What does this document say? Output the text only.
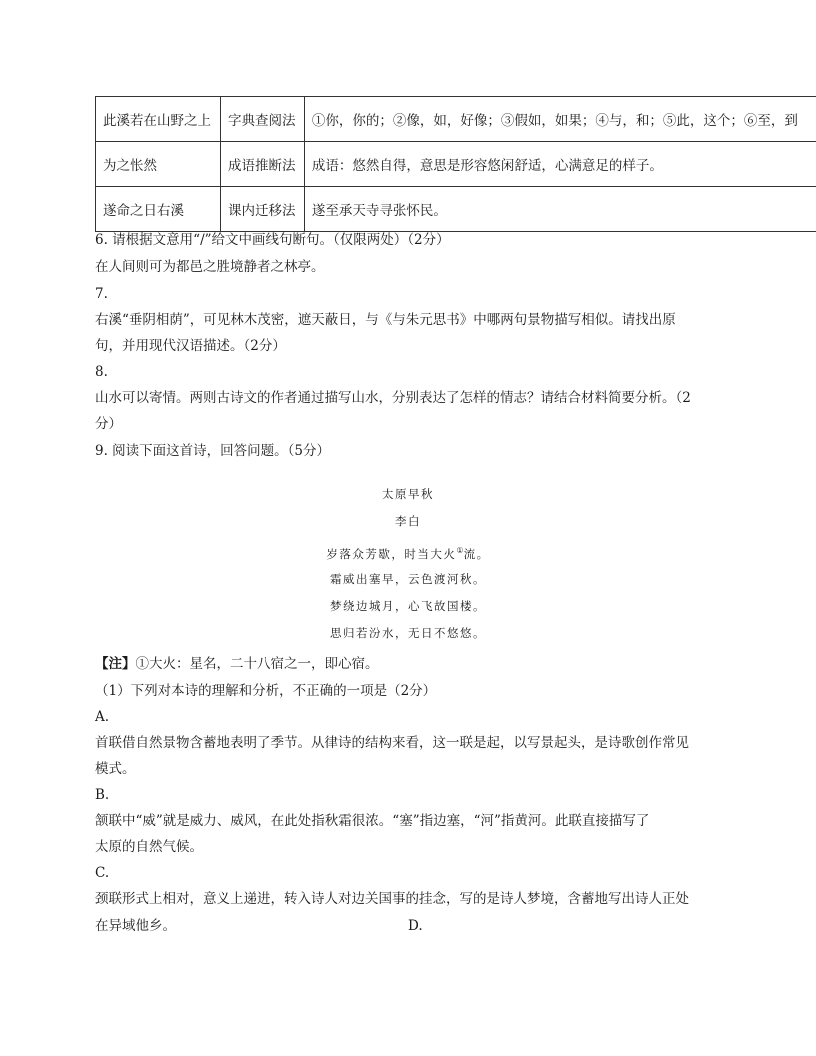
此溪若在山野之上	字典查阅法	①你，你的；②像，如，好像；③假如，如果；④与，和；⑤此，这个；⑥至，到
为之怅然	成语推断法	成语：悠然自得，意思是形容悠闲舒适，心满意足的样子。
遂命之日右溪	课内迁移法	遂至承天寺寻张怀民。

6. 请根据文意用“/”给文中画线句断句。（仅限两处）（2分）

在人间则可为都邑之胜境静者之林亭。

7.

右溪“垂阴相荫”，可见林木茂密，遮天蔽日，与《与朱元思书》中哪两句景物描写相似。请找出原

句，并用现代汉语描述。（2分）

8.

山水可以寄情。两则古诗文的作者通过描写山水，分别表达了怎样的情志？请结合材料简要分析。（2

分）

9. 阅读下面这首诗，回答问题。（5分）

太原早秋

李白

岁落众芳歇，时当大火①流。

霜威出塞早，云色渡河秋。

梦绕边城月，心飞故国楼。

思归若汾水，无日不悠悠。

【注】①大火：星名，二十八宿之一，即心宿。

（1）下列对本诗的理解和分析，不正确的一项是（2分）

A.

首联借自然景物含蓄地表明了季节。从律诗的结构来看，这一联是起，以写景起头，是诗歌创作常见

模式。

B.

颔联中“威”就是威力、威风，在此处指秋霜很浓。“塞”指边塞，“河”指黄河。此联直接描写了

太原的自然气候。

C.

颈联形式上相对，意义上递进，转入诗人对边关国事的挂念，写的是诗人梦境，含蓄地写出诗人正处

在异域他乡。	D.
